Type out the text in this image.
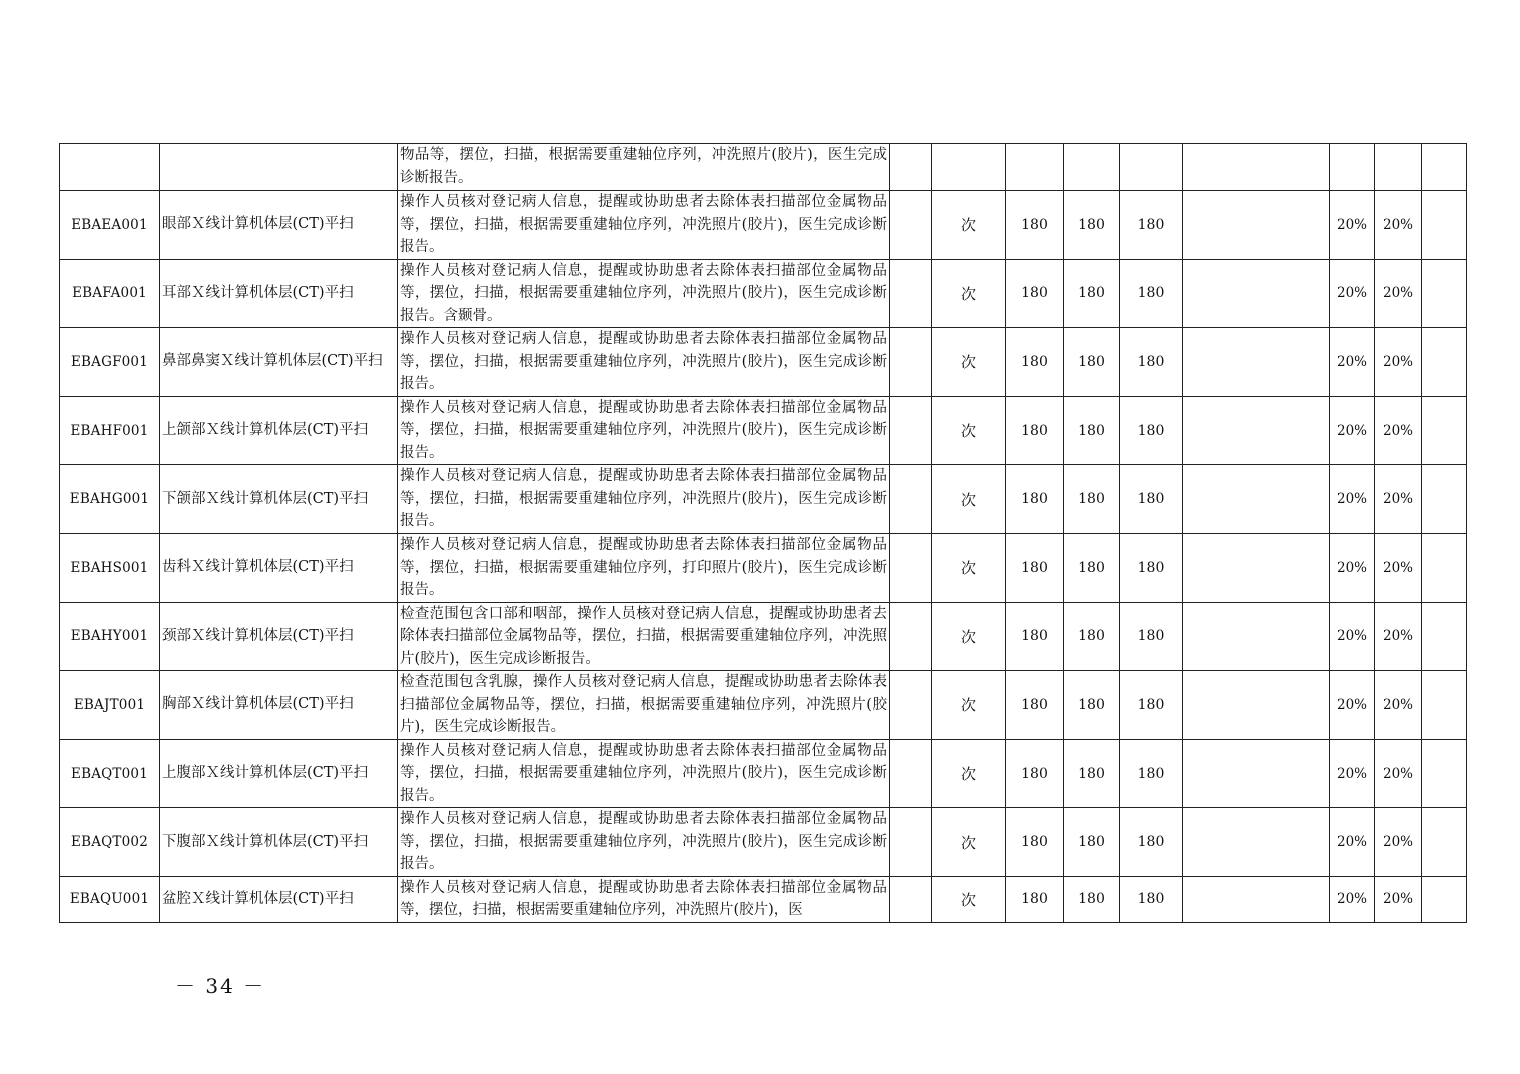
		物品等，摆位，扫描，根据需要重建轴位序列，冲洗照片(胶片)，医生完成诊断报告。									
EBAEA001	眼部Ｘ线计算机体层(CT)平扫	操作人员核对登记病人信息，提醒或协助患者去除体表扫描部位金属物品等，摆位，扫描，根据需要重建轴位序列，冲洗照片(胶片)，医生完成诊断报告。		次	180	180	180		20%	20%	
EBAFA001	耳部Ｘ线计算机体层(CT)平扫	操作人员核对登记病人信息，提醒或协助患者去除体表扫描部位金属物品等，摆位，扫描，根据需要重建轴位序列，冲洗照片(胶片)，医生完成诊断报告。含颞骨。		次	180	180	180		20%	20%	
EBAGF001	鼻部鼻窦Ｘ线计算机体层(CT)平扫	操作人员核对登记病人信息，提醒或协助患者去除体表扫描部位金属物品等，摆位，扫描，根据需要重建轴位序列，冲洗照片(胶片)，医生完成诊断报告。		次	180	180	180		20%	20%	
EBAHF001	上颌部Ｘ线计算机体层(CT)平扫	操作人员核对登记病人信息，提醒或协助患者去除体表扫描部位金属物品等，摆位，扫描，根据需要重建轴位序列，冲洗照片(胶片)，医生完成诊断报告。		次	180	180	180		20%	20%	
EBAHG001	下颌部Ｘ线计算机体层(CT)平扫	操作人员核对登记病人信息，提醒或协助患者去除体表扫描部位金属物品等，摆位，扫描，根据需要重建轴位序列，冲洗照片(胶片)，医生完成诊断报告。		次	180	180	180		20%	20%	
EBAHS001	齿科Ｘ线计算机体层(CT)平扫	操作人员核对登记病人信息，提醒或协助患者去除体表扫描部位金属物品等，摆位，扫描，根据需要重建轴位序列，打印照片(胶片)，医生完成诊断报告。		次	180	180	180		20%	20%	
EBAHY001	颈部Ｘ线计算机体层(CT)平扫	检查范围包含口部和咽部，操作人员核对登记病人信息，提醒或协助患者去除体表扫描部位金属物品等，摆位，扫描，根据需要重建轴位序列，冲洗照片(胶片)，医生完成诊断报告。		次	180	180	180		20%	20%	
EBAJT001	胸部Ｘ线计算机体层(CT)平扫	检查范围包含乳腺，操作人员核对登记病人信息，提醒或协助患者去除体表扫描部位金属物品等，摆位，扫描，根据需要重建轴位序列，冲洗照片(胶片)，医生完成诊断报告。		次	180	180	180		20%	20%	
EBAQT001	上腹部Ｘ线计算机体层(CT)平扫	操作人员核对登记病人信息，提醒或协助患者去除体表扫描部位金属物品等，摆位，扫描，根据需要重建轴位序列，冲洗照片(胶片)，医生完成诊断报告。		次	180	180	180		20%	20%	
EBAQT002	下腹部Ｘ线计算机体层(CT)平扫	操作人员核对登记病人信息，提醒或协助患者去除体表扫描部位金属物品等，摆位，扫描，根据需要重建轴位序列，冲洗照片(胶片)，医生完成诊断报告。		次	180	180	180		20%	20%	
EBAQU001	盆腔Ｘ线计算机体层(CT)平扫	操作人员核对登记病人信息，提醒或协助患者去除体表扫描部位金属物品等，摆位，扫描，根据需要重建轴位序列，冲洗照片(胶片)，医		次	180	180	180		20%	20%	
－ 34 －
